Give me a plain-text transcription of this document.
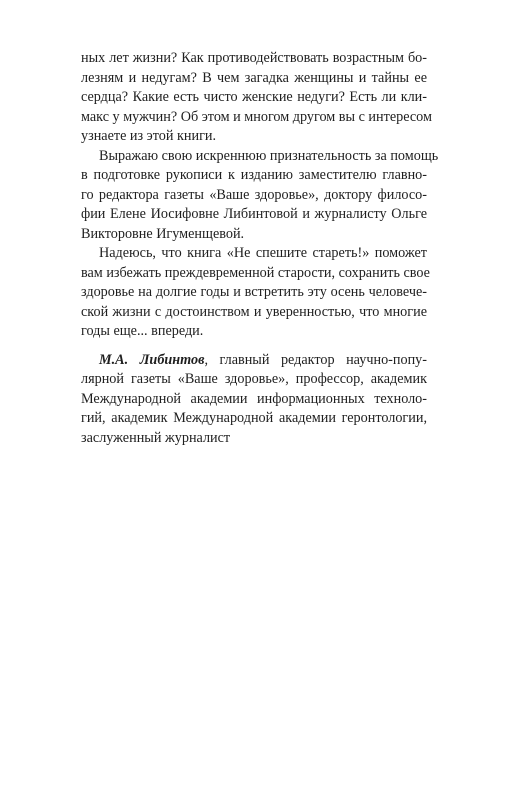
ных лет жизни? Как противодействовать возрастным бо-
лезням и недугам? В чем загадка женщины и тайны ее
сердца? Какие есть чисто женские недуги? Есть ли кли-
макс у мужчин? Об этом и многом другом вы с интересом
узнаете из этой книги.
Выражаю свою искреннюю признательность за помощь
в подготовке рукописи к изданию заместителю главно-
го редактора газеты «Ваше здоровье», доктору филосо-
фии Елене Иосифовне Либинтовой и журналисту Ольге
Викторовне Игуменщевой.
Надеюсь, что книга «Не спешите стареть!» поможет
вам избежать преждевременной старости, сохранить свое
здоровье на долгие годы и встретить эту осень человече-
ской жизни с достоинством и уверенностью, что многие
годы еще... впереди.
М.А. Либинтов, главный редактор научно-попу-
лярной газеты «Ваше здоровье», профессор, академик
Международной академии информационных техноло-
гий, академик Международной академии геронтологии,
заслуженный журналист
